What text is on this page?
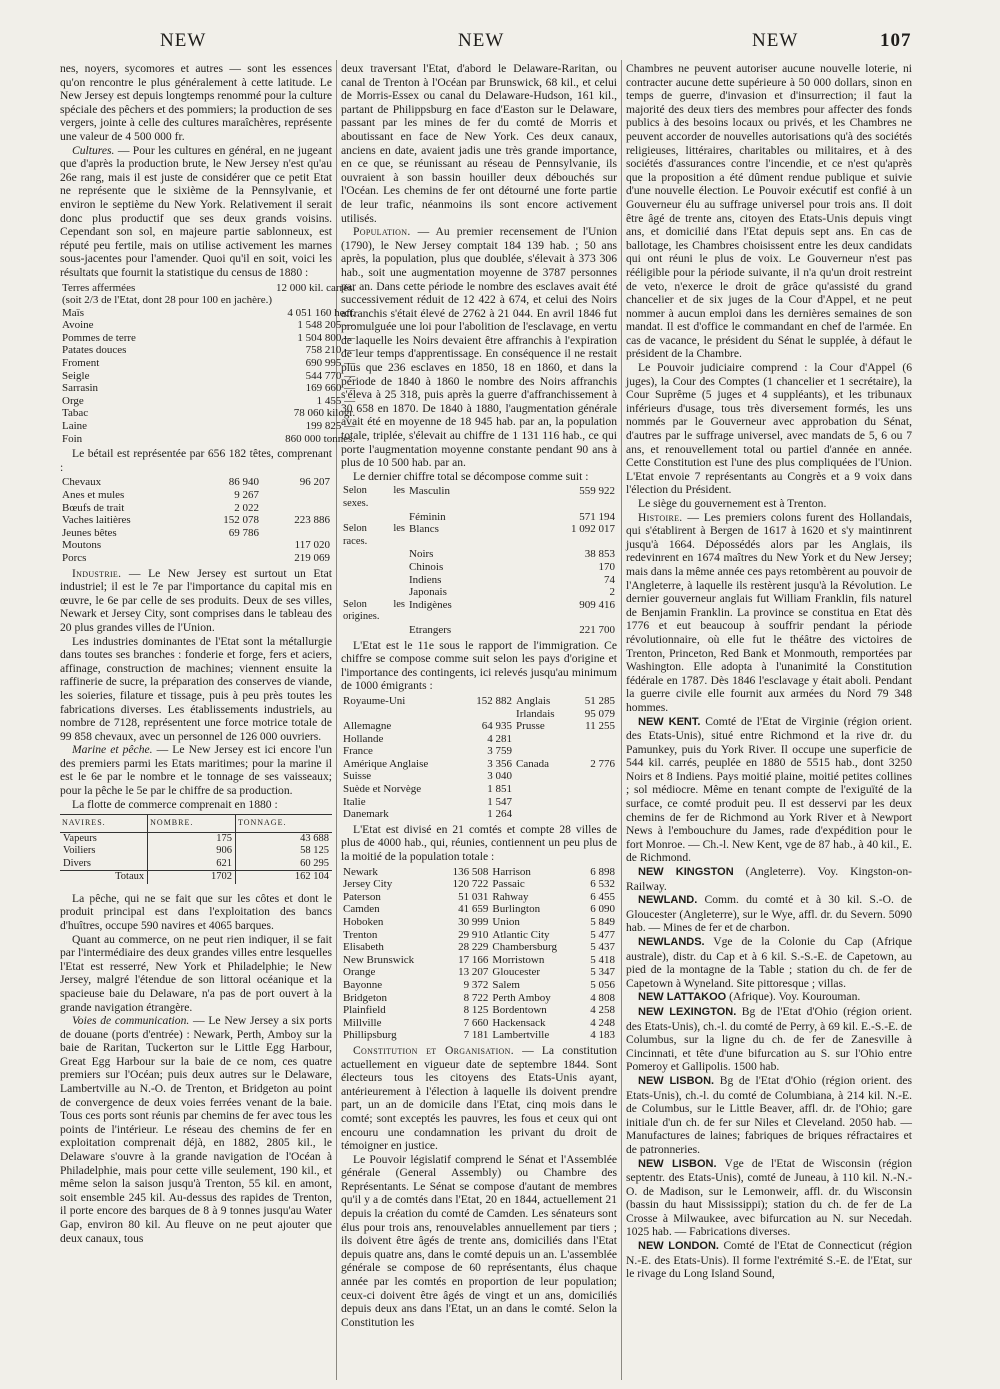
NEW	NEW	NEW	107

nes, noyers, sycomores et autres — sont les essences qu'on rencontre le plus généralement à cette latitude. Le New Jersey est depuis longtemps renommé pour la culture spéciale des pêchers et des pommiers; la production de ses vergers, jointe à celle des cultures maraîchères, représente une valeur de 4 500 000 fr.

Cultures. — Pour les cultures en général, en ne jugeant que d'après la production brute, le New Jersey n'est qu'au 26e rang, mais il est juste de considérer que ce petit Etat ne représente que le sixième de la Pennsylvanie, et environ le septième du New York. Relativement il serait donc plus productif que ses deux grands voisins. Cependant son sol, en majeure partie sablonneux, est réputé peu fertile, mais on utilise activement les marnes sous-jacentes pour l'amender. Quoi qu'il en soit, voici les résultats que fournit la statistique du census de 1880 :

Terres affermées	12 000 kil. carrés.
(soit 2/3 de l'Etat, dont 28 pour 100 en jachère.)	
Maïs	4 051 160 hect.
Avoine	1 548 205 —
Pommes de terre	1 504 800 —
Patates douces	758 210 —
Froment	690 995 —
Seigle	544 770 —
Sarrasin	169 660 —
Orge	1 455 —
Tabac	78 060 kilogr.
Laine	199 825 —
Foin	860 000 tonnes.

Le bétail est représentée par 656 182 têtes, comprenant :

Chevaux	86 940	96 207
Anes et mules	9 267	
Bœufs de trait	2 022	
Vaches laitières	152 078	223 886
Jeunes bêtes	69 786	
Moutons		117 020
Porcs		219 069

Industrie. — Le New Jersey est surtout un Etat industriel; il est le 7e par l'importance du capital mis en œuvre, le 6e par celle de ses produits. Deux de ses villes, Newark et Jersey City, sont comprises dans le tableau des 20 plus grandes villes de l'Union.

Les industries dominantes de l'Etat sont la métallurgie dans toutes ses branches : fonderie et forge, fers et aciers, affinage, construction de machines; viennent ensuite la raffinerie de sucre, la préparation des conserves de viande, les soieries, filature et tissage, puis à peu près toutes les fabrications diverses. Les établissements industriels, au nombre de 7128, représentent une force motrice totale de 99 858 chevaux, avec un personnel de 126 000 ouvriers.

Marine et pêche. — Le New Jersey est ici encore l'un des premiers parmi les Etats maritimes; pour la marine il est le 6e par le nombre et le tonnage de ses vaisseaux; pour la pêche le 5e par le chiffre de sa production.

La flotte de commerce comprenait en 1880 :

NAVIRES.	NOMBRE.	TONNAGE.
Vapeurs	175	43 688
Voiliers	906	58 125
Divers	621	60 295
Totaux	1702	162 104

La pêche, qui ne se fait que sur les côtes et dont le produit principal est dans l'exploitation des bancs d'huîtres, occupe 590 navires et 4065 barques.

Quant au commerce, on ne peut rien indiquer, il se fait par l'intermédiaire des deux grandes villes entre lesquelles l'Etat est resserré, New York et Philadelphie; le New Jersey, malgré l'étendue de son littoral océanique et la spacieuse baie du Delaware, n'a pas de port ouvert à la grande navigation étrangère.

Voies de communication. — Le New Jersey a six ports de douane (ports d'entrée) : Newark, Perth, Amboy sur la baie de Raritan, Tuckerton sur le Little Egg Harbour, Great Egg Harbour sur la baie de ce nom, ces quatre premiers sur l'Océan; puis deux autres sur le Delaware, Lambertville au N.-O. de Trenton, et Bridgeton au point de convergence de deux voies ferrées venant de la baie. Tous ces ports sont réunis par chemins de fer avec tous les points de l'intérieur. Le réseau des chemins de fer en exploitation comprenait déjà, en 1882, 2805 kil., le Delaware s'ouvre à la grande navigation de l'Océan à Philadelphie, mais pour cette ville seulement, 190 kil., et même selon la saison jusqu'à Trenton, 55 kil. en amont, soit ensemble 245 kil. Au-dessus des rapides de Trenton, il porte encore des barques de 8 à 9 tonnes jusqu'au Water Gap, environ 80 kil. Au fleuve on ne peut ajouter que deux canaux, tous

deux traversant l'Etat, d'abord le Delaware-Raritan, ou canal de Trenton à l'Océan par Brunswick, 68 kil., et celui de Morris-Essex ou canal du Delaware-Hudson, 161 kil., partant de Philippsburg en face d'Easton sur le Delaware, passant par les mines de fer du comté de Morris et aboutissant en face de New York. Ces deux canaux, anciens en date, avaient jadis une très grande importance, en ce que, se réunissant au réseau de Pennsylvanie, ils ouvraient à son bassin houiller deux débouchés sur l'Océan. Les chemins de fer ont détourné une forte partie de leur trafic, néanmoins ils sont encore activement utilisés.

Population. — Au premier recensement de l'Union (1790), le New Jersey comptait 184 139 hab. ; 50 ans après, la population, plus que doublée, s'élevait à 373 306 hab., soit une augmentation moyenne de 3787 personnes par an. Dans cette période le nombre des esclaves avait été successivement réduit de 12 422 à 674, et celui des Noirs affranchis s'était élevé de 2762 à 21 044. En avril 1846 fut promulguée une loi pour l'abolition de l'esclavage, en vertu de laquelle les Noirs devaient être affranchis à l'expiration de leur temps d'apprentissage. En conséquence il ne restait plus que 236 esclaves en 1850, 18 en 1860, et dans la période de 1840 à 1860 le nombre des Noirs affranchis s'éleva à 25 318, puis après la guerre d'affranchissement à 30 658 en 1870. De 1840 à 1880, l'augmentation générale avait été en moyenne de 18 945 hab. par an, la population totale, triplée, s'élevait au chiffre de 1 131 116 hab., ce qui porte l'augmentation moyenne constante pendant 90 ans à plus de 10 500 hab. par an.

Le dernier chiffre total se décompose comme suit :

Selon les sexes.	Masculin	559 922
	Féminin	571 194
Selon les races.	Blancs	1 092 017
	Noirs	38 853
	Chinois	170
	Indiens	74
	Japonais	2
Selon les origines.	Indigènes	909 416
	Etrangers	221 700

L'Etat est le 11e sous le rapport de l'immigration. Ce chiffre se compose comme suit selon les pays d'origine et l'importance des contingents, ici relevés jusqu'au minimum de 1000 émigrants :

Royaume-Uni	152 882	Anglais	51 285
		Irlandais	95 079
Allemagne	64 935	Prusse	11 255
Hollande	4 281		
France	3 759		
Amérique Anglaise	3 356	Canada	2 776
Suisse	3 040		
Suède et Norvège	1 851		
Italie	1 547		
Danemark	1 264		

L'Etat est divisé en 21 comtés et compte 28 villes de plus de 4000 hab., qui, réunies, contiennent un peu plus de la moitié de la population totale :

Newark	136 508	Harrison	6 898
Jersey City	120 722	Passaic	6 532
Paterson	51 031	Rahway	6 455
Camden	41 659	Burlington	6 090
Hoboken	30 999	Union	5 849
Trenton	29 910	Atlantic City	5 477
Elisabeth	28 229	Chambersburg	5 437
New Brunswick	17 166	Morristown	5 418
Orange	13 207	Gloucester	5 347
Bayonne	9 372	Salem	5 056
Bridgeton	8 722	Perth Amboy	4 808
Plainfield	8 125	Bordentown	4 258
Millville	7 660	Hackensack	4 248
Phillipsburg	7 181	Lambertville	4 183

Constitution et Organisation. — La constitution actuellement en vigueur date de septembre 1844. Sont électeurs tous les citoyens des Etats-Unis ayant, antérieurement à l'élection à laquelle ils doivent prendre part, un an de domicile dans l'Etat, cinq mois dans le comté; sont exceptés les pauvres, les fous et ceux qui ont encouru une condamnation les privant du droit de témoigner en justice.

Le Pouvoir législatif comprend le Sénat et l'Assemblée générale (General Assembly) ou Chambre des Représentants. Le Sénat se compose d'autant de membres qu'il y a de comtés dans l'Etat, 20 en 1844, actuellement 21 depuis la création du comté de Camden. Les sénateurs sont élus pour trois ans, renouvelables annuellement par tiers ; ils doivent être âgés de trente ans, domiciliés dans l'Etat depuis quatre ans, dans le comté depuis un an. L'assemblée générale se compose de 60 représentants, élus chaque année par les comtés en proportion de leur population; ceux-ci doivent être âgés de vingt et un ans, domiciliés depuis deux ans dans l'Etat, un an dans le comté. Selon la Constitution les

Chambres ne peuvent autoriser aucune nouvelle loterie, ni contracter aucune dette supérieure à 50 000 dollars, sinon en temps de guerre, d'invasion et d'insurrection; il faut la majorité des deux tiers des membres pour affecter des fonds publics à des besoins locaux ou privés, et les Chambres ne peuvent accorder de nouvelles autorisations qu'à des sociétés religieuses, littéraires, charitables ou militaires, et à des sociétés d'assurances contre l'incendie, et ce n'est qu'après que la proposition a été dûment rendue publique et suivie d'une nouvelle élection. Le Pouvoir exécutif est confié à un Gouverneur élu au suffrage universel pour trois ans. Il doit être âgé de trente ans, citoyen des Etats-Unis depuis vingt ans, et domicilié dans l'Etat depuis sept ans. En cas de ballotage, les Chambres choisissent entre les deux candidats qui ont réuni le plus de voix. Le Gouverneur n'est pas rééligible pour la période suivante, il n'a qu'un droit restreint de veto, n'exerce le droit de grâce qu'assisté du grand chancelier et de six juges de la Cour d'Appel, et ne peut nommer à aucun emploi dans les dernières semaines de son mandat. Il est d'office le commandant en chef de l'armée. En cas de vacance, le président du Sénat le supplée, à défaut le président de la Chambre.

Le Pouvoir judiciaire comprend : la Cour d'Appel (6 juges), la Cour des Comptes (1 chancelier et 1 secrétaire), la Cour Suprême (5 juges et 4 suppléants), et les tribunaux inférieurs d'usage, tous très diversement formés, les uns nommés par le Gouverneur avec approbation du Sénat, d'autres par le suffrage universel, avec mandats de 5, 6 ou 7 ans, et renouvellement total ou partiel d'année en année. Cette Constitution est l'une des plus compliquées de l'Union. L'Etat envoie 7 représentants au Congrès et a 9 voix dans l'élection du Président.

Le siège du gouvernement est à Trenton.

Histoire. — Les premiers colons furent des Hollandais, qui s'établirent à Bergen de 1617 à 1620 et s'y maintinrent jusqu'à 1664. Dépossédés alors par les Anglais, ils redevinrent en 1674 maîtres du New York et du New Jersey; mais dans la même année ces pays retombèrent au pouvoir de l'Angleterre, à laquelle ils restèrent jusqu'à la Révolution. Le dernier gouverneur anglais fut William Franklin, fils naturel de Benjamin Franklin. La province se constitua en Etat dès 1776 et eut beaucoup à souffrir pendant la période révolutionnaire, où elle fut le théâtre des victoires de Trenton, Princeton, Red Bank et Monmouth, remportées par Washington. Elle adopta à l'unanimité la Constitution fédérale en 1787. Dès 1846 l'esclavage y était aboli. Pendant la guerre civile elle fournit aux armées du Nord 79 348 hommes.

NEW KENT. Comté de l'Etat de Virginie (région orient. des Etats-Unis), situé entre Richmond et la rive dr. du Pamunkey, puis du York River. Il occupe une superficie de 544 kil. carrés, peuplée en 1880 de 5515 hab., dont 3250 Noirs et 8 Indiens. Pays moitié plaine, moitié petites collines ; sol médiocre. Même en tenant compte de l'exiguïté de la surface, ce comté produit peu. Il est desservi par les deux chemins de fer de Richmond au York River et à Newport News à l'embouchure du James, rade d'expédition pour le fort Monroe. — Ch.-l. New Kent, vge de 87 hab., à 40 kil., E. de Richmond.

NEW KINGSTON (Angleterre). Voy. Kingston-on-Railway.

NEWLAND. Comm. du comté et à 30 kil. S.-O. de Gloucester (Angleterre), sur le Wye, affl. dr. du Severn. 5090 hab. — Mines de fer et de charbon.

NEWLANDS. Vge de la Colonie du Cap (Afrique australe), distr. du Cap et à 6 kil. S.-S.-E. de Capetown, au pied de la montagne de la Table ; station du ch. de fer de Capetown à Wyneland. Site pittoresque ; villas.

NEW LATTAKOO (Afrique). Voy. Kourouman.

NEW LEXINGTON. Bg de l'Etat d'Ohio (région orient. des Etats-Unis), ch.-l. du comté de Perry, à 69 kil. E.-S.-E. de Columbus, sur la ligne du ch. de fer de Zanesville à Cincinnati, et tête d'une bifurcation au S. sur l'Ohio entre Pomeroy et Gallipolis. 1500 hab.

NEW LISBON. Bg de l'Etat d'Ohio (région orient. des Etats-Unis), ch.-l. du comté de Columbiana, à 214 kil. N.-E. de Columbus, sur le Little Beaver, affl. dr. de l'Ohio; gare initiale d'un ch. de fer sur Niles et Cleveland. 2050 hab. — Manufactures de laines; fabriques de briques réfractaires et de patronneries.

NEW LISBON. Vge de l'Etat de Wisconsin (région septentr. des Etats-Unis), comté de Juneau, à 110 kil. N.-N.-O. de Madison, sur le Lemonweir, affl. dr. du Wisconsin (bassin du haut Mississippi); station du ch. de fer de La Crosse à Milwaukee, avec bifurcation au N. sur Necedah. 1025 hab. — Fabrications diverses.

NEW LONDON. Comté de l'Etat de Connecticut (région N.-E. des Etats-Unis). Il forme l'extrémité S.-E. de l'Etat, sur le rivage du Long Island Sound,
